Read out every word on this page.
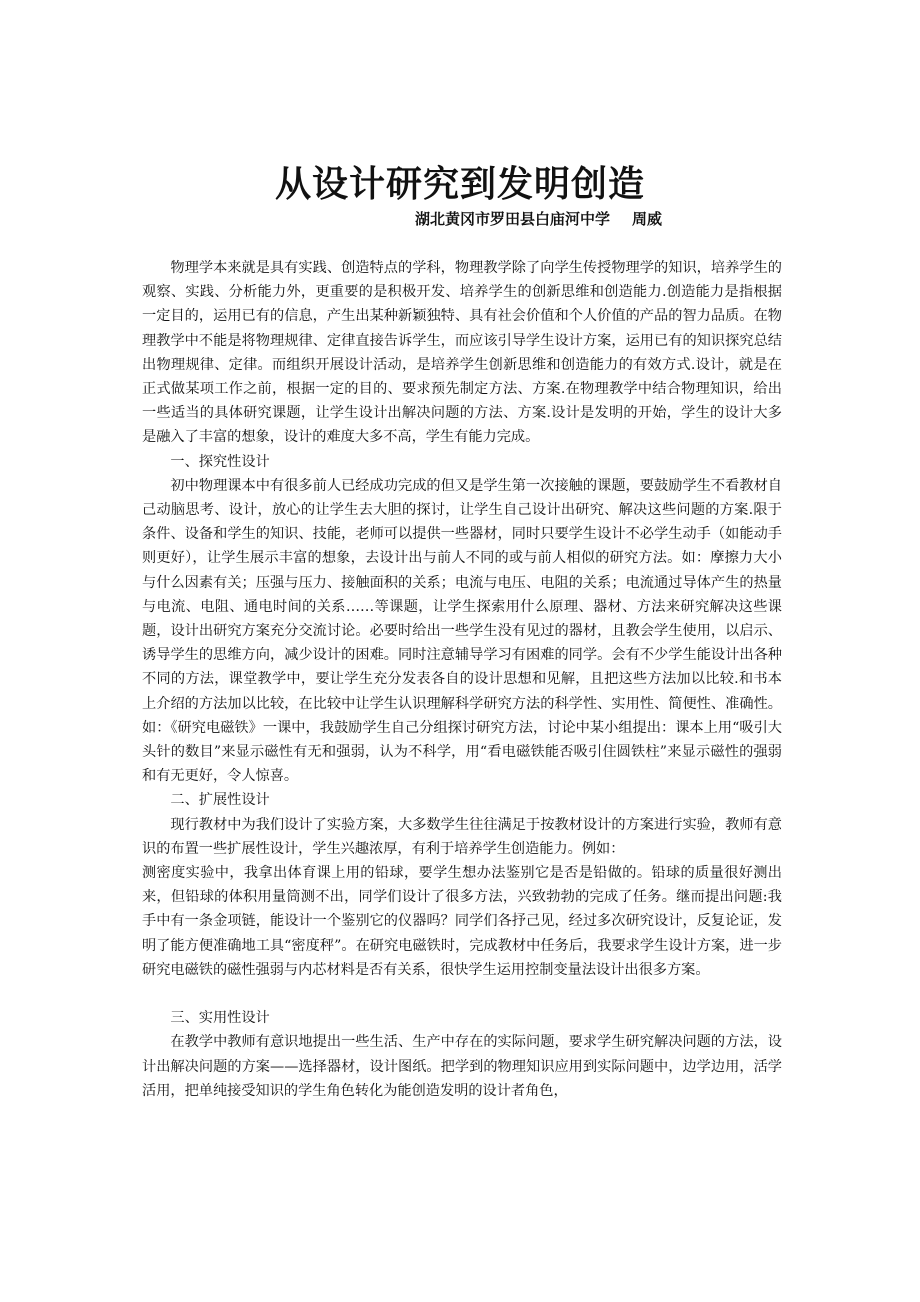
从设计研究到发明创造
湖北黄冈市罗田县白庙河中学 周威

物理学本来就是具有实践、创造特点的学科，物理教学除了向学生传授物理学的知识，培养学生的观察、实践、分析能力外，更重要的是积极开发、培养学生的创新思维和创造能力.创造能力是指根据一定目的，运用已有的信息，产生出某种新颖独特、具有社会价值和个人价值的产品的智力品质。在物理教学中不能是将物理规律、定律直接告诉学生，而应该引导学生设计方案，运用已有的知识探究总结出物理规律、定律。而组织开展设计活动，是培养学生创新思维和创造能力的有效方式.设计，就是在正式做某项工作之前，根据一定的目的、要求预先制定方法、方案.在物理教学中结合物理知识，给出一些适当的具体研究课题，让学生设计出解决问题的方法、方案.设计是发明的开始，学生的设计大多是融入了丰富的想象，设计的难度大多不高，学生有能力完成。

一、探究性设计

初中物理课本中有很多前人已经成功完成的但又是学生第一次接触的课题，要鼓励学生不看教材自己动脑思考、设计，放心的让学生去大胆的探讨，让学生自己设计出研究、解决这些问题的方案.限于条件、设备和学生的知识、技能，老师可以提供一些器材，同时只要学生设计不必学生动手（如能动手则更好），让学生展示丰富的想象，去设计出与前人不同的或与前人相似的研究方法。如：摩擦力大小与什么因素有关；压强与压力、接触面积的关系；电流与电压、电阻的关系；电流通过导体产生的热量与电流、电阻、通电时间的关系……等课题，让学生探索用什么原理、器材、方法来研究解决这些课题，设计出研究方案充分交流讨论。必要时给出一些学生没有见过的器材，且教会学生使用，以启示、诱导学生的思维方向，减少设计的困难。同时注意辅导学习有困难的同学。会有不少学生能设计出各种不同的方法，课堂教学中，要让学生充分发表各自的设计思想和见解，且把这些方法加以比较.和书本上介绍的方法加以比较，在比较中让学生认识理解科学研究方法的科学性、实用性、简便性、准确性。如：《研究电磁铁》一课中，我鼓励学生自己分组探讨研究方法，讨论中某小组提出：课本上用“吸引大头针的数目”来显示磁性有无和强弱，认为不科学，用“看电磁铁能否吸引住圆铁柱”来显示磁性的强弱和有无更好，令人惊喜。

二、扩展性设计

现行教材中为我们设计了实验方案，大多数学生往往满足于按教材设计的方案进行实验，教师有意识的布置一些扩展性设计，学生兴趣浓厚，有利于培养学生创造能力。例如：

测密度实验中，我拿出体育课上用的铅球，要学生想办法鉴别它是否是铅做的。铅球的质量很好测出来，但铅球的体积用量筒测不出，同学们设计了很多方法，兴致勃勃的完成了任务。继而提出问题:我手中有一条金项链，能设计一个鉴别它的仪器吗？同学们各抒己见，经过多次研究设计，反复论证，发明了能方便准确地工具“密度秤”。在研究电磁铁时，完成教材中任务后，我要求学生设计方案，进一步研究电磁铁的磁性强弱与内芯材料是否有关系，很快学生运用控制变量法设计出很多方案。

三、实用性设计

在教学中教师有意识地提出一些生活、生产中存在的实际问题，要求学生研究解决问题的方法，设计出解决问题的方案——选择器材，设计图纸。把学到的物理知识应用到实际问题中，边学边用，活学活用，把单纯接受知识的学生角色转化为能创造发明的设计者角色，
